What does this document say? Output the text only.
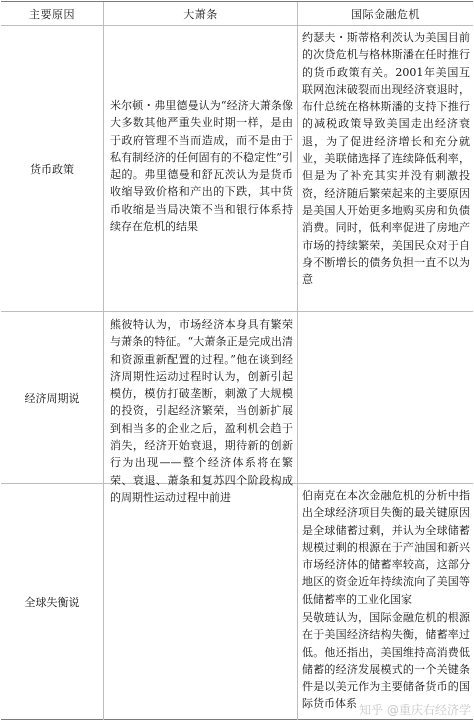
主要原因	大萧条	国际金融危机
货币政策

米尔顿・弗里德曼认为“经济大萧条像大多数其他严重失业时期一样，是由于政府管理不当而造成，而不是由于私有制经济的任何固有的不稳定性”引起的。弗里德曼和舒瓦茨认为是货币收缩导致价格和产出的下跌，其中货币收缩是当局决策不当和银行体系持续存在危机的结果

约瑟夫・斯蒂格利茨认为美国目前的次贷危机与格林斯潘在任时推行的货币政策有关。2001年美国互联网泡沫破裂而出现经济衰退时，布什总统在格林斯潘的支持下推行的减税政策导致美国走出经济衰退，为了促进经济增长和充分就业，美联储选择了连续降低利率，但是为了补充其实并没有刺激投资，经济随后繁荣起来的主要原因是美国人开始更多地购买房和负债消费。同时，低利率促进了房地产市场的持续繁荣，美国民众对于自身不断增长的债务负担一直不以为意

经济周期说

熊彼特认为，市场经济本身具有繁荣与萧条的特征。“大萧条正是完成出清和资源重新配置的过程。”他在谈到经济周期性运动过程时认为，创新引起模仿，模仿打破垄断，刺激了大规模的投资，引起经济繁荣，当创新扩展到相当多的企业之后，盈利机会趋于消失，经济开始衰退，期待新的创新行为出现——整个经济体系将在繁荣、衰退、萧条和复苏四个阶段构成的周期性运动过程中前进

全球失衡说

伯南克在本次金融危机的分析中指出全球经济项目失衡的最关键原因是全球储蓄过剩，并认为全球储蓄规模过剩的根源在于产油国和新兴市场经济体的储蓄率较高，这部分地区的资金近年持续流向了美国等低储蓄率的工业化国家

吴敬琏认为，国际金融危机的根源在于美国经济结构失衡，储蓄率过低。他还指出，美国维持高消费低储蓄的经济发展模式的一个关键条件是以美元作为主要储备货币的国际货币体系 知乎 @重庆右经济学
